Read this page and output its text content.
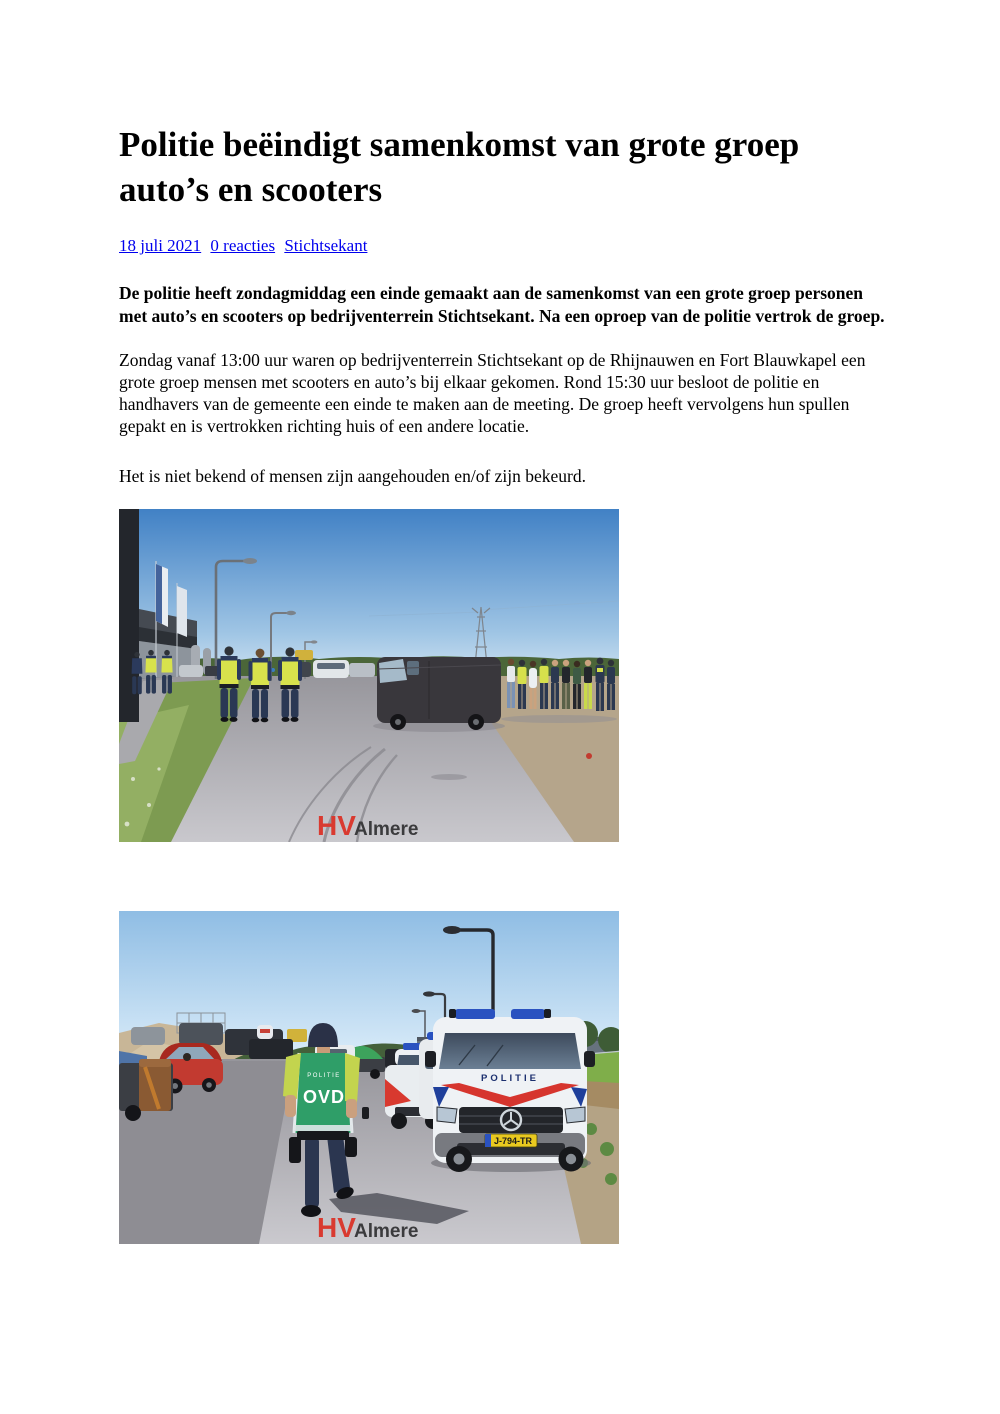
Politie beëindigt samenkomst van grote groep auto’s en scooters
18 juli 2021 0 reacties Stichtsekant

De politie heeft zondagmiddag een einde gemaakt aan de samenkomst van een grote groep personen met auto’s en scooters op bedrijventerrein Stichtsekant. Na een oproep van de politie vertrok de groep.

Zondag vanaf 13:00 uur waren op bedrijventerrein Stichtsekant op de Rhijnauwen en Fort Blauwkapel een grote groep mensen met scooters en auto’s bij elkaar gekomen. Rond 15:30 uur besloot de politie en handhavers van de gemeente een einde te maken aan de meeting. De groep heeft vervolgens hun spullen gepakt en is vertrokken richting huis of een andere locatie.

Het is niet bekend of mensen zijn aangehouden en/of zijn bekeurd.

HV
Almere
POLITIE
J-794-TR
POLITIE
OVD
HV
Almere
